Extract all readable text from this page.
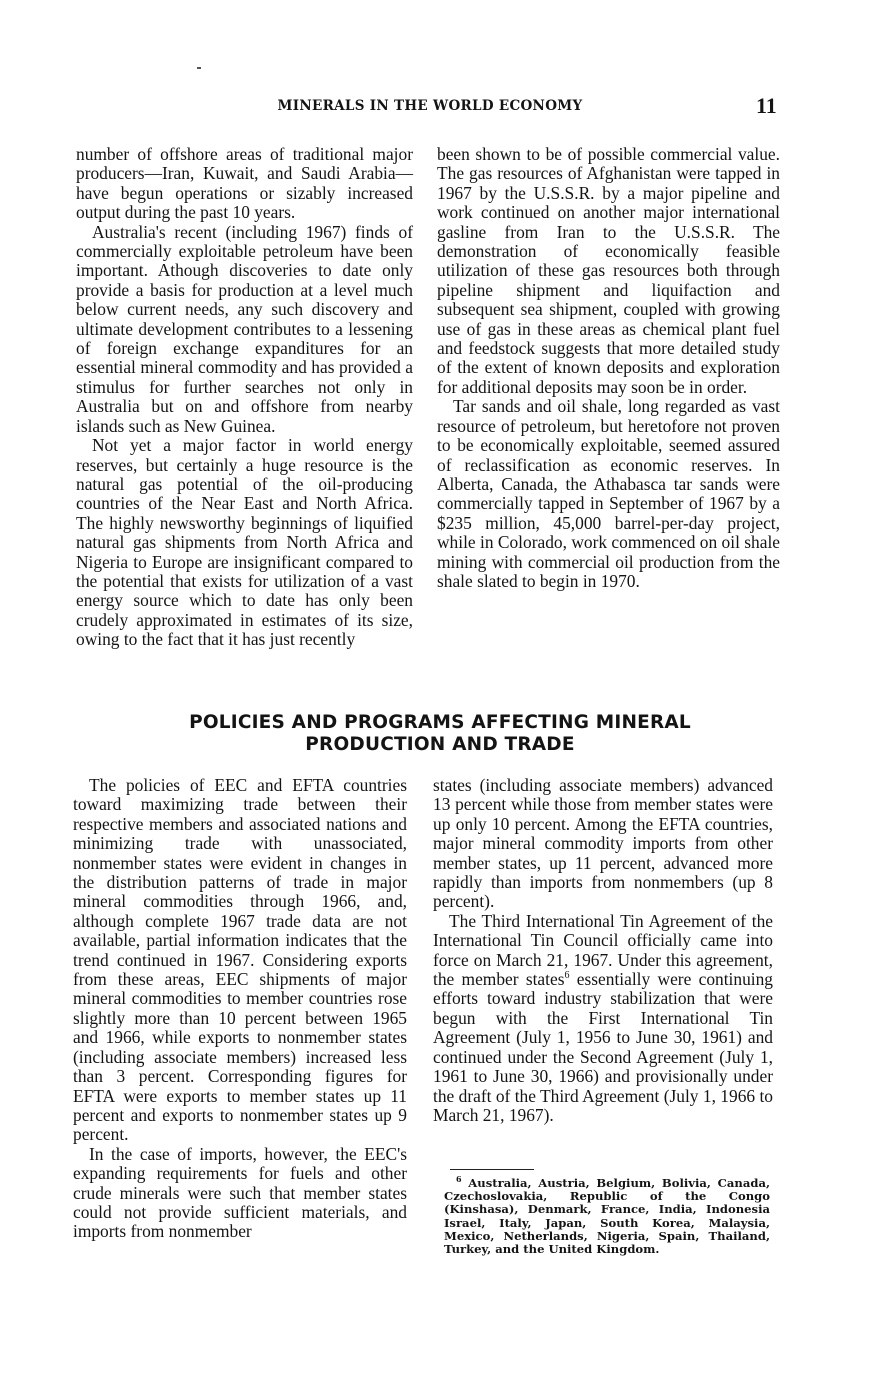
MINERALS IN THE WORLD ECONOMY	11

number of offshore areas of traditional major producers—Iran, Kuwait, and Saudi Arabia—have begun operations or sizably increased output during the past 10 years.

Australia's recent (including 1967) finds of commercially exploitable petroleum have been important. Athough discoveries to date only provide a basis for production at a level much below current needs, any such discovery and ultimate development contributes to a lessening of foreign exchange expanditures for an essential mineral commodity and has provided a stimulus for further searches not only in Australia but on and offshore from nearby islands such as New Guinea.

Not yet a major factor in world energy reserves, but certainly a huge resource is the natural gas potential of the oil-producing countries of the Near East and North Africa. The highly newsworthy beginnings of liquified natural gas shipments from North Africa and Nigeria to Europe are insignificant compared to the potential that exists for utilization of a vast energy source which to date has only been crudely approximated in estimates of its size, owing to the fact that it has just recently

been shown to be of possible commercial value. The gas resources of Afghanistan were tapped in 1967 by the U.S.S.R. by a major pipeline and work continued on another major international gasline from Iran to the U.S.S.R. The demonstration of economically feasible utilization of these gas resources both through pipeline shipment and liquifaction and subsequent sea shipment, coupled with growing use of gas in these areas as chemical plant fuel and feedstock suggests that more detailed study of the extent of known deposits and exploration for additional deposits may soon be in order.

Tar sands and oil shale, long regarded as vast resource of petroleum, but heretofore not proven to be economically exploitable, seemed assured of reclassification as economic reserves. In Alberta, Canada, the Athabasca tar sands were commercially tapped in September of 1967 by a $235 million, 45,000 barrel-per-day project, while in Colorado, work commenced on oil shale mining with commercial oil production from the shale slated to begin in 1970.

POLICIES AND PROGRAMS AFFECTING MINERAL
PRODUCTION AND TRADE

The policies of EEC and EFTA countries toward maximizing trade between their respective members and associated nations and minimizing trade with unassociated, nonmember states were evident in changes in the distribution patterns of trade in major mineral commodities through 1966, and, although complete 1967 trade data are not available, partial information indicates that the trend continued in 1967. Considering exports from these areas, EEC shipments of major mineral commodities to member countries rose slightly more than 10 percent between 1965 and 1966, while exports to nonmember states (including associate members) increased less than 3 percent. Corresponding figures for EFTA were exports to member states up 11 percent and exports to nonmember states up 9 percent.

In the case of imports, however, the EEC's expanding requirements for fuels and other crude minerals were such that member states could not provide sufficient materials, and imports from nonmember

states (including associate members) advanced 13 percent while those from member states were up only 10 percent. Among the EFTA countries, major mineral commodity imports from other member states, up 11 percent, advanced more rapidly than imports from nonmembers (up 8 percent).

The Third International Tin Agreement of the International Tin Council officially came into force on March 21, 1967. Under this agreement, the member states$^6$ essentially were continuing efforts toward industry stabilization that were begun with the First International Tin Agreement (July 1, 1956 to June 30, 1961) and continued under the Second Agreement (July 1, 1961 to June 30, 1966) and provisionally under the draft of the Third Agreement (July 1, 1966 to March 21, 1967).

$^6$ Australia, Austria, Belgium, Bolivia, Canada, Czechoslovakia, Republic of the Congo (Kinshasa), Denmark, France, India, Indonesia Israel, Italy, Japan, South Korea, Malaysia, Mexico, Netherlands, Nigeria, Spain, Thailand, Turkey, and the United Kingdom.
